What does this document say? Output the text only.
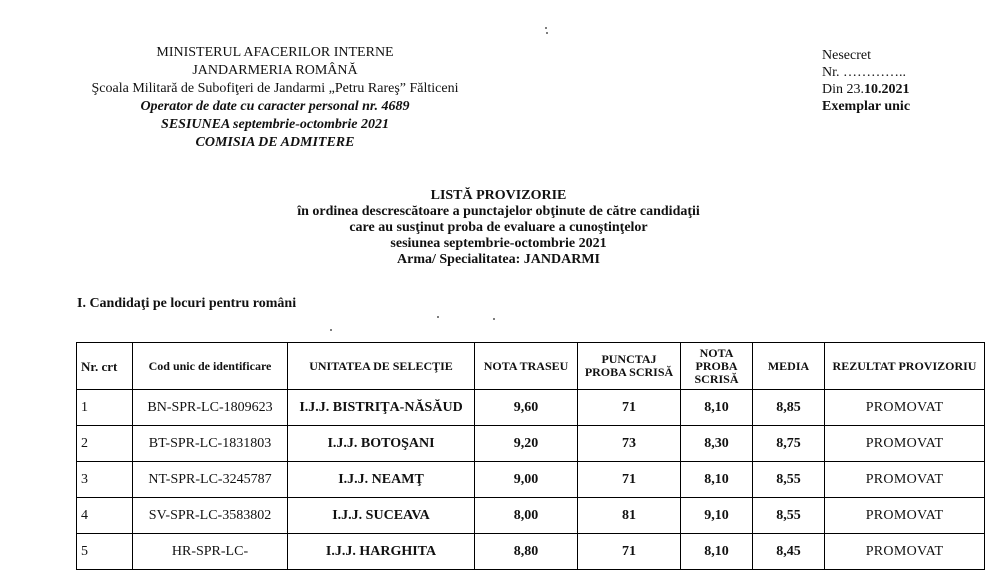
MINISTERUL AFACERILOR INTERNE
JANDARMERIA ROMÂNĂ
Şcoala Militară de Subofiţeri de Jandarmi „Petru Rareş” Fălticeni
Operator de date cu caracter personal nr. 4689
SESIUNEA septembrie-octombrie 2021
COMISIA DE ADMITERE
Nesecret
Nr. …………..
Din 23.10.2021
Exemplar unic
LISTĂ PROVIZORIE
în ordinea descrescătoare a punctajelor obţinute de către candidaţii
care au susţinut proba de evaluare a cunoştinţelor
sesiunea septembrie-octombrie 2021
Arma/ Specialitatea: JANDARMI
I. Candidaţi pe locuri pentru români
Nr. crt	Cod unic de identificare	UNITATEA DE SELECŢIE	NOTA TRASEU	PUNCTAJ PROBA SCRISĂ	NOTA PROBA SCRISĂ	MEDIA	REZULTAT PROVIZORIU
1	BN-SPR-LC-1809623	I.J.J. BISTRIŢA-NĂSĂUD	9,60	71	8,10	8,85	PROMOVAT
2	BT-SPR-LC-1831803	I.J.J. BOTOŞANI	9,20	73	8,30	8,75	PROMOVAT
3	NT-SPR-LC-3245787	I.J.J. NEAMŢ	9,00	71	8,10	8,55	PROMOVAT
4	SV-SPR-LC-3583802	I.J.J. SUCEAVA	8,00	81	9,10	8,55	PROMOVAT
5	HR-SPR-LC-	I.J.J. HARGHITA	8,80	71	8,10	8,45	PROMOVAT
